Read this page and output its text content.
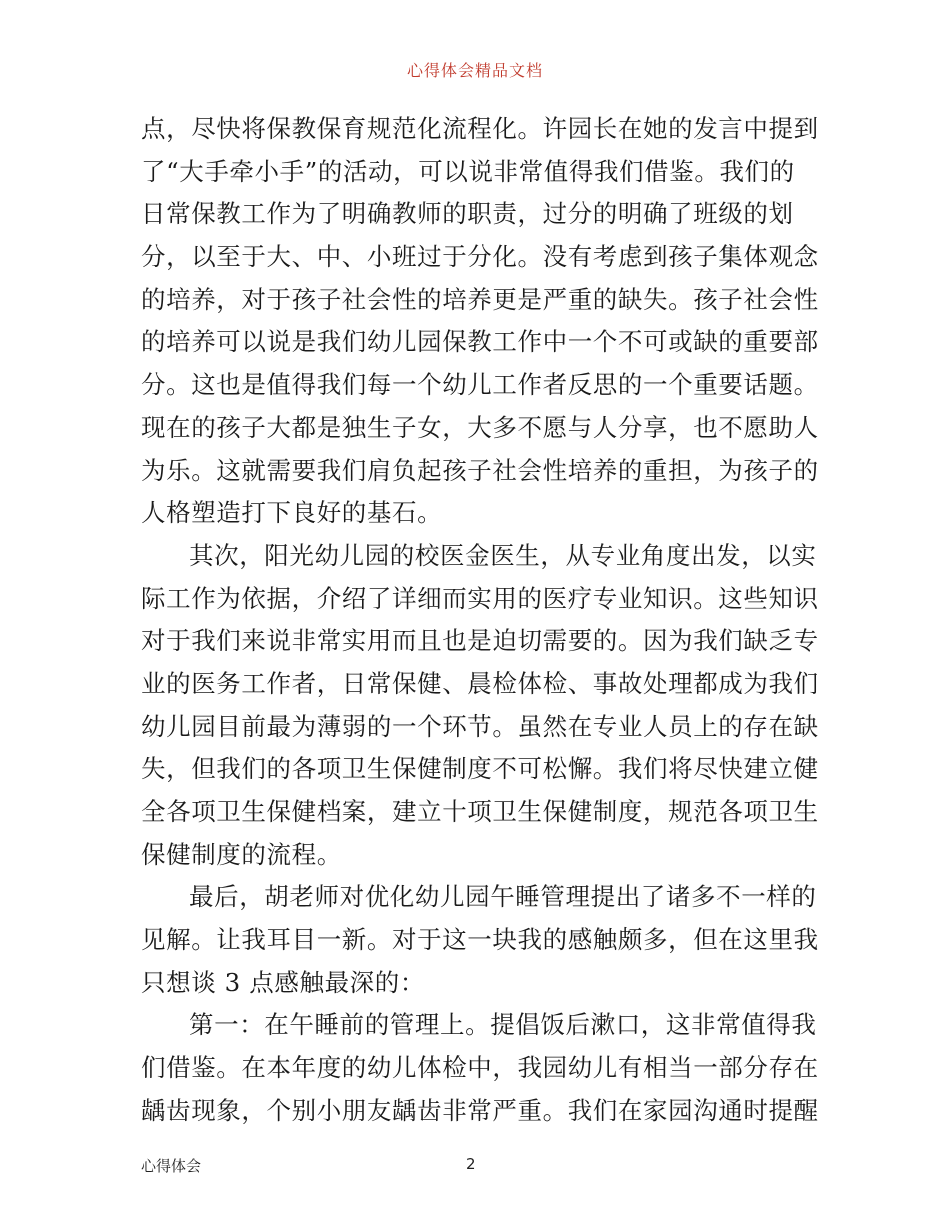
心得体会精品文档
点，尽快将保教保育规范化流程化。许园长在她的发言中提到
了“大手牵小手”的活动，可以说非常值得我们借鉴。我们的
日常保教工作为了明确教师的职责，过分的明确了班级的划
分，以至于大、中、小班过于分化。没有考虑到孩子集体观念
的培养，对于孩子社会性的培养更是严重的缺失。孩子社会性
的培养可以说是我们幼儿园保教工作中一个不可或缺的重要部
分。这也是值得我们每一个幼儿工作者反思的一个重要话题。
现在的孩子大都是独生子女，大多不愿与人分享，也不愿助人
为乐。这就需要我们肩负起孩子社会性培养的重担，为孩子的
人格塑造打下良好的基石。
其次，阳光幼儿园的校医金医生，从专业角度出发，以实
际工作为依据，介绍了详细而实用的医疗专业知识。这些知识
对于我们来说非常实用而且也是迫切需要的。因为我们缺乏专
业的医务工作者，日常保健、晨检体检、事故处理都成为我们
幼儿园目前最为薄弱的一个环节。虽然在专业人员上的存在缺
失，但我们的各项卫生保健制度不可松懈。我们将尽快建立健
全各项卫生保健档案，建立十项卫生保健制度，规范各项卫生
保健制度的流程。
最后，胡老师对优化幼儿园午睡管理提出了诸多不一样的
见解。让我耳目一新。对于这一块我的感触颇多，但在这里我
只想谈 3 点感触最深的：
第一：在午睡前的管理上。提倡饭后漱口，这非常值得我
们借鉴。在本年度的幼儿体检中，我园幼儿有相当一部分存在
龋齿现象，个别小朋友龋齿非常严重。我们在家园沟通时提醒
心得体会	2
